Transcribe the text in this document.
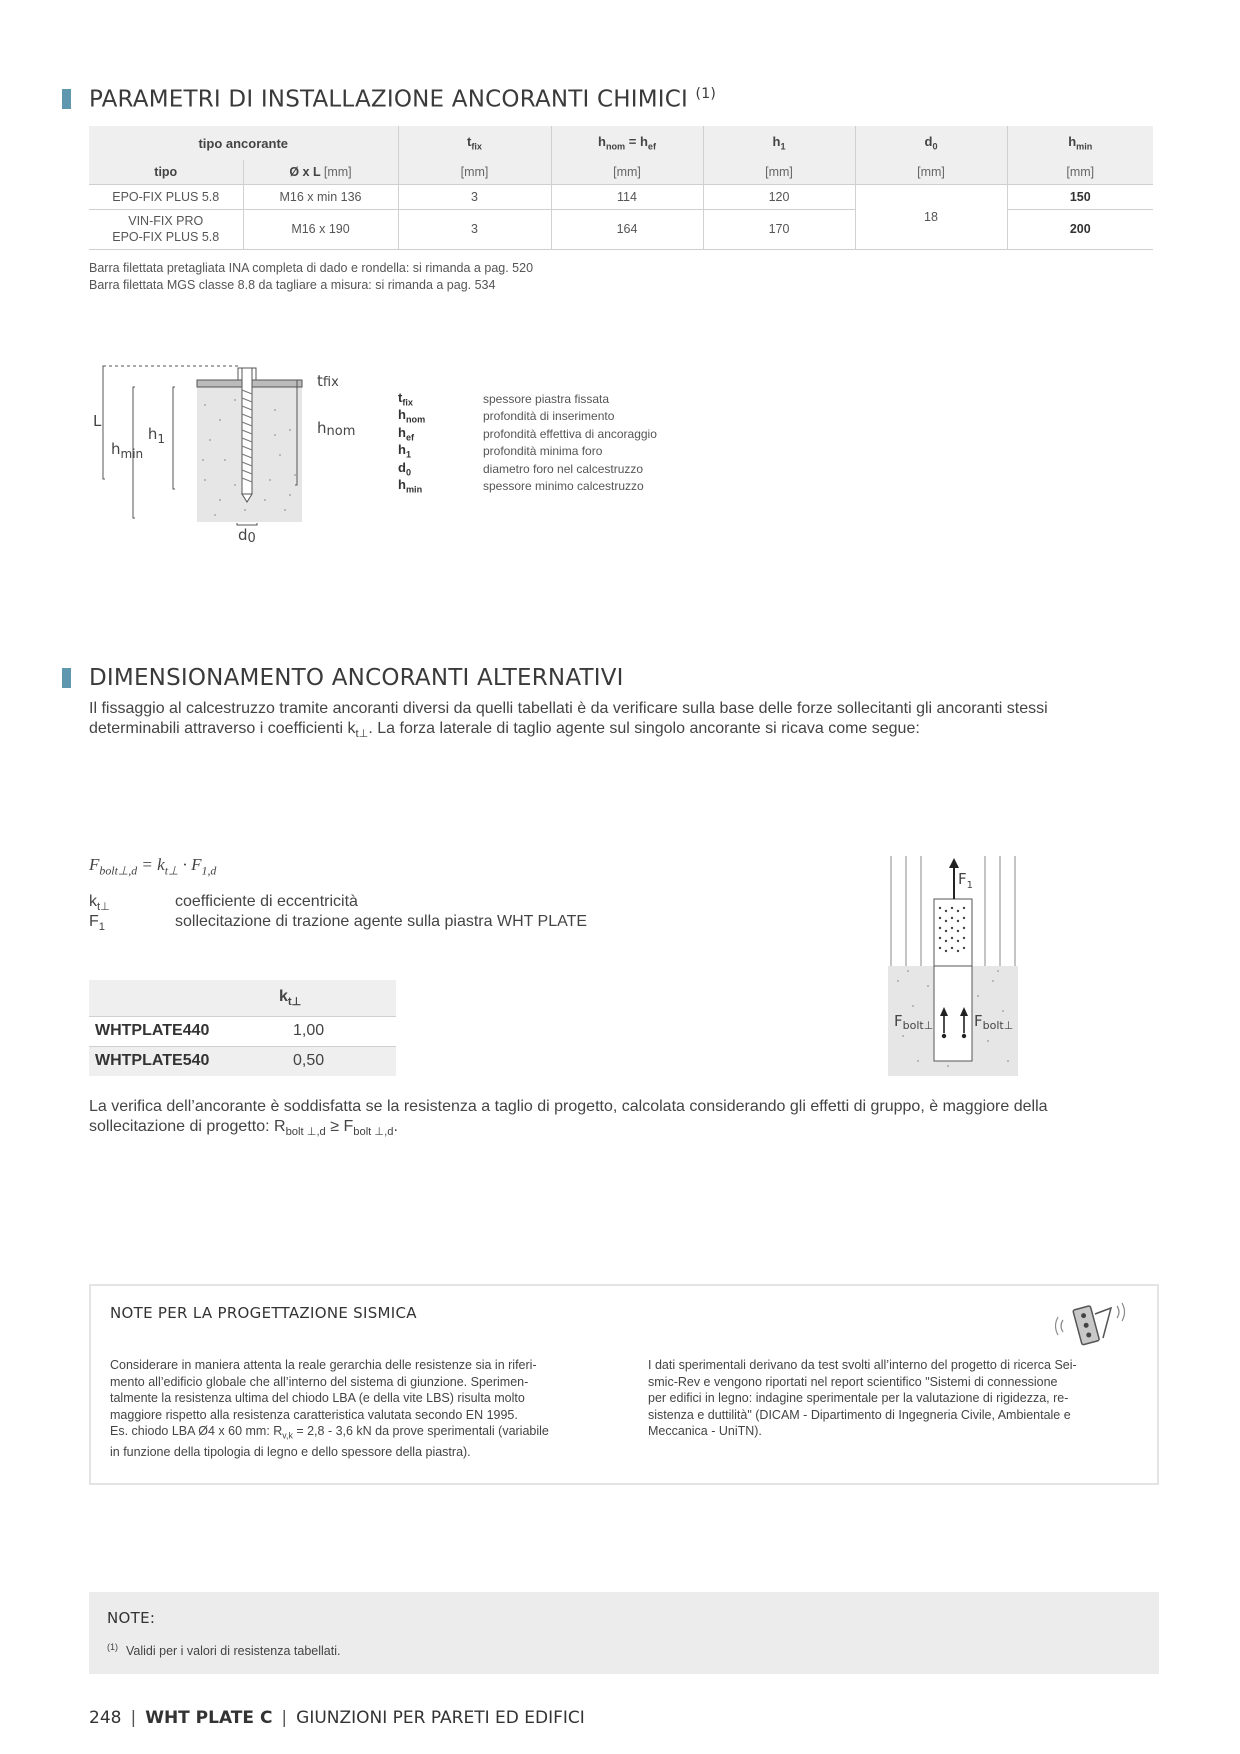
PARAMETRI DI INSTALLAZIONE ANCORANTI CHIMICI $^{(1)}$
tipo ancorante		$t_{fix}$	$h_{nom} = h_{ef}$	$h_1$	$d_0$	$h_{min}$
tipo	Ø x L [mm]	[mm]	[mm]	[mm]	[mm]	[mm]
EPO-FIX PLUS 5.8	M16 x min 136	3	114	120	18	150
VIN-FIX PRO
EPO-FIX PLUS 5.8	M16 x 190	3	164	170		200
Barra filettata pretagliata INA completa di dado e rondella: si rimanda a pag. 520
Barra filettata MGS classe 8.8 da tagliare a misura: si rimanda a pag. 534
L
$h_{min}$
$h_1$
tfix
hnom
d0
$t_{fix}$	spessore piastra fissata
$h_{nom}$	profondità di inserimento
$h_{ef}$	profondità effettiva di ancoraggio
$h_1$	profondità minima foro
$d_0$	diametro foro nel calcestruzzo
$h_{min}$	spessore minimo calcestruzzo
DIMENSIONAMENTO ANCORANTI ALTERNATIVI
Il fissaggio al calcestruzzo tramite ancoranti diversi da quelli tabellati è da verificare sulla base delle forze sollecitanti gli ancoranti stessi
determinabili attraverso i coefficienti $k_{t\perp}$. La forza laterale di taglio agente sul singolo ancorante si ricava come segue:
$F_{bolt\perp,d} = k_{t\perp} \cdot F_{1,d}$
$k_{t\perp}$	coefficiente di eccentricità
$F_1$	sollecitazione di trazione agente sulla piastra WHT PLATE
	$k_{t\perp}$
WHTPLATE440	1,00
WHTPLATE540	0,50
$F_1$
$F_{bolt\perp}$	$F_{bolt\perp}$
La verifica dell’ancorante è soddisfatta se la resistenza a taglio di progetto, calcolata considerando gli effetti di gruppo, è maggiore della
sollecitazione di progetto: $R_{bolt \perp,d} \ge F_{bolt \perp,d}$.
NOTE PER LA PROGETTAZIONE SISMICA
Considerare in maniera attenta la reale gerarchia delle resistenze sia in riferi-
mento all’edificio globale che all’interno del sistema di giunzione. Sperimen-
talmente la resistenza ultima del chiodo LBA (e della vite LBS) risulta molto
maggiore rispetto alla resistenza caratteristica valutata secondo EN 1995.
Es. chiodo LBA Ø4 x 60 mm: $R_{v,k} = 2,8 - 3,6$ kN da prove sperimentali (variabile
in funzione della tipologia di legno e dello spessore della piastra).
I dati sperimentali derivano da test svolti all’interno del progetto di ricerca Sei-
smic-Rev e vengono riportati nel report scientifico "Sistemi di connessione
per edifici in legno: indagine sperimentale per la valutazione di rigidezza, re-
sistenza e duttilità" (DICAM - Dipartimento di Ingegneria Civile, Ambientale e
Meccanica - UniTN).
NOTE:
$^{(1)}$ Validi per i valori di resistenza tabellati.
248 | WHT PLATE C | GIUNZIONI PER PARETI ED EDIFICI
